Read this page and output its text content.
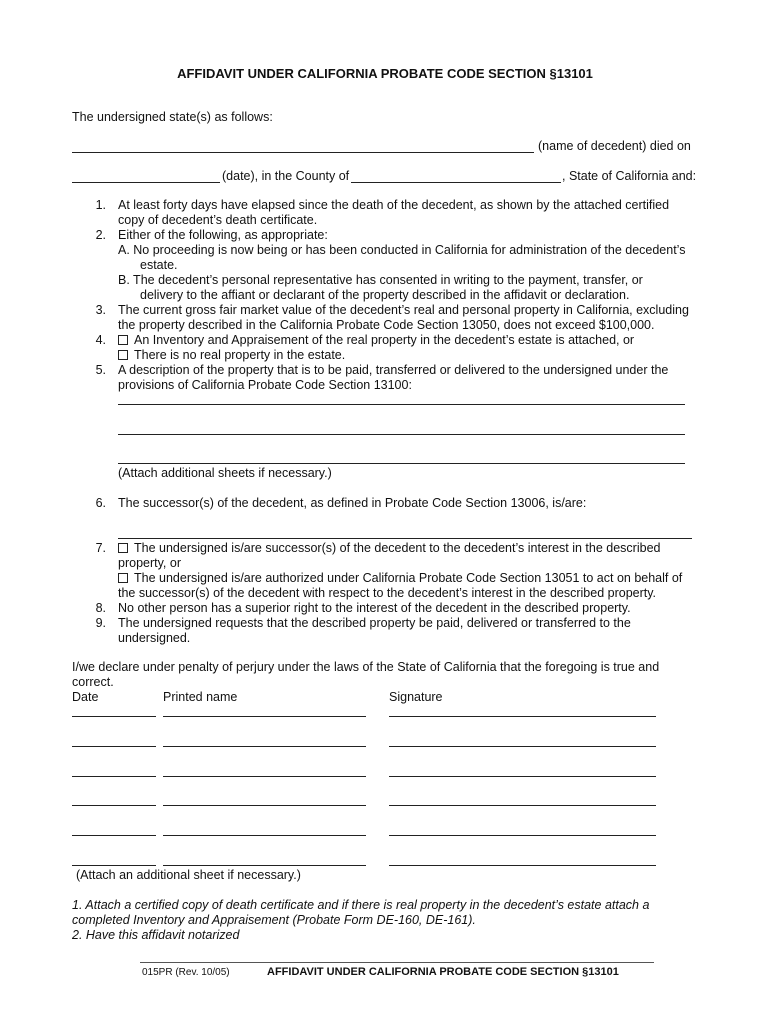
AFFIDAVIT UNDER CALIFORNIA PROBATE CODE SECTION §13101
The undersigned state(s) as follows:
(name of decedent) died on
(date), in the County of	, State of California and:
1. At least forty days have elapsed since the death of the decedent, as shown by the attached certified
copy of decedent’s death certificate.
2. Either of the following, as appropriate:
A. No proceeding is now being or has been conducted in California for administration of the decedent’s
estate.
B. The decedent’s personal representative has consented in writing to the payment, transfer, or
delivery to the affiant or declarant of the property described in the affidavit or declaration.
3. The current gross fair market value of the decedent’s real and personal property in California, excluding
the property described in the California Probate Code Section 13050, does not exceed $100,000.
4.	An Inventory and Appraisement of the real property in the decedent’s estate is attached, or
There is no real property in the estate.
5. A description of the property that is to be paid, transferred or delivered to the undersigned under the
provisions of California Probate Code Section 13100:
(Attach additional sheets if necessary.)
6. The successor(s) of the decedent, as defined in Probate Code Section 13006, is/are:
7.	The undersigned is/are successor(s) of the decedent to the decedent’s interest in the described
property, or
The undersigned is/are authorized under California Probate Code Section 13051 to act on behalf of
the successor(s) of the decedent with respect to the decedent’s interest in the described property.
8. No other person has a superior right to the interest of the decedent in the described property.
9. The undersigned requests that the described property be paid, delivered or transferred to the
undersigned.
I/we declare under penalty of perjury under the laws of the State of California that the foregoing is true and
correct.
Date	Printed name	Signature
(Attach an additional sheet if necessary.)
1. Attach a certified copy of death certificate and if there is real property in the decedent’s estate attach a
completed Inventory and Appraisement (Probate Form DE-160, DE-161).
2. Have this affidavit notarized
015PR (Rev. 10/05)	AFFIDAVIT UNDER CALIFORNIA PROBATE CODE SECTION §13101
